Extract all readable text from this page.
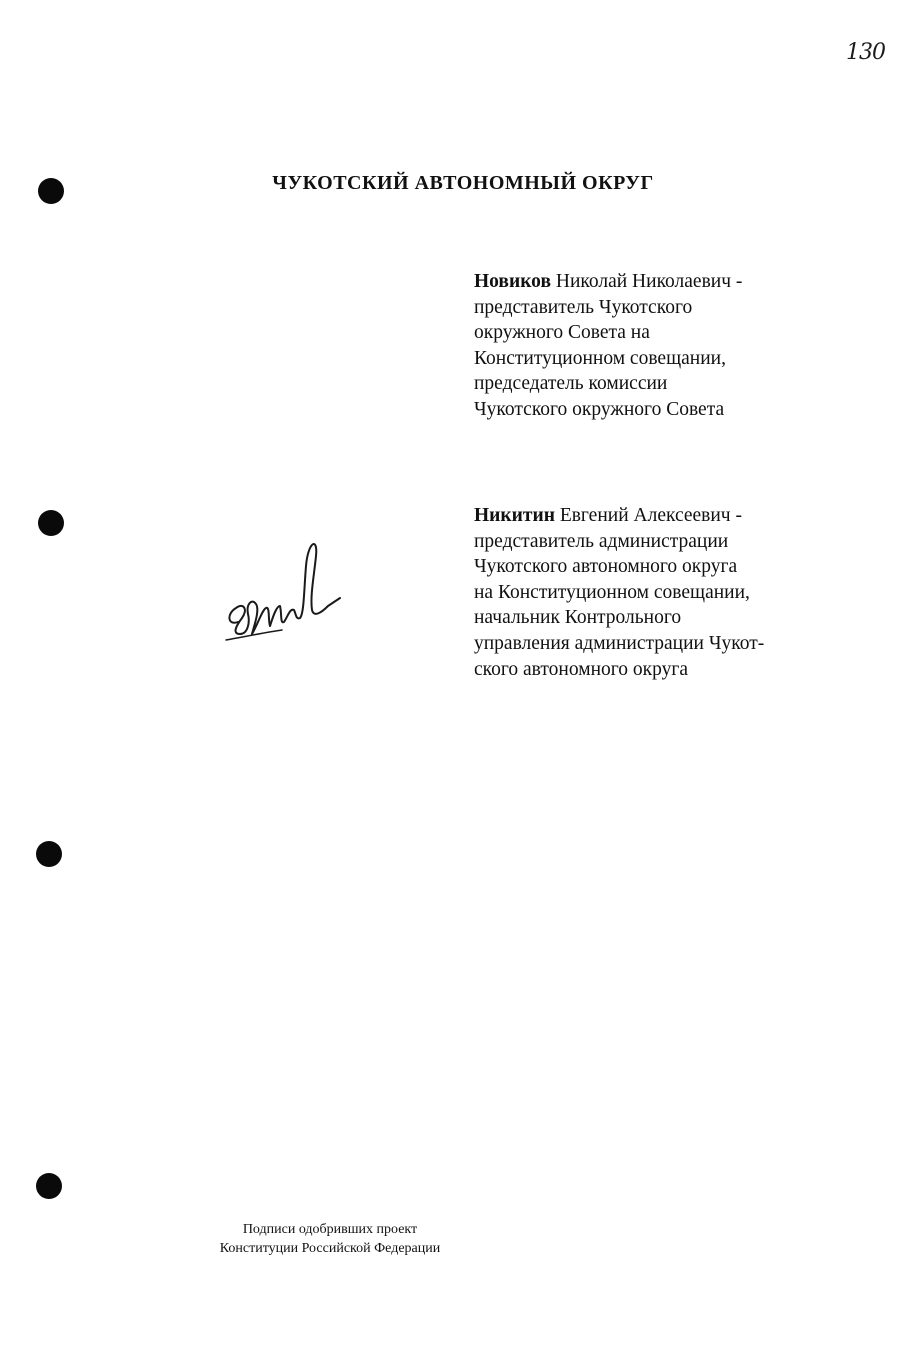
130
ЧУКОТСКИЙ АВТОНОМНЫЙ ОКРУГ
Новиков Николай Николаевич -
представитель Чукотского
окружного Совета на
Конституционном совещании,
председатель комиссии
Чукотского окружного Совета
Никитин Евгений Алексеевич -
представитель администрации
Чукотского автономного округа
на Конституционном совещании,
начальник Контрольного
управления администрации Чукот-
ского автономного округа
Подписи одобривших проект
Конституции Российской Федерации
